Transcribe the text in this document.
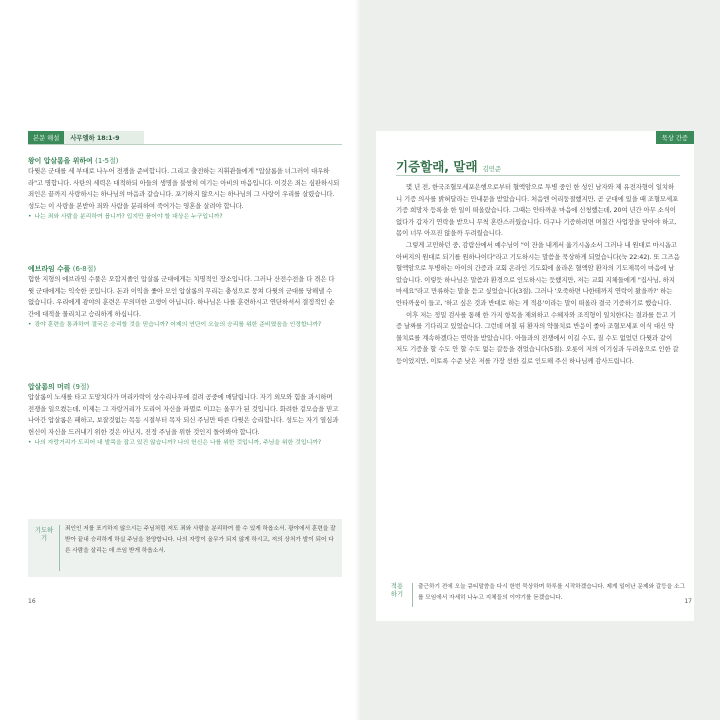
본문 해설	사무엘하 18:1-9
왕이 압살롬을 위하여 (1-5절)
다윗은 군대를 세 부대로 나누어 전쟁을 준비합니다. 그리고 출전하는 지휘관들에게 "압살롬을 너그러이 대우하라"고 명합니다. 사탄의 세력은 대적하되 아들의 생명을 불쌍히 여기는 아비의 마음입니다. 이것은 죄는 심판하시되 죄인은 끝까지 사랑하시는 하나님의 마음과 같습니다. 포기하지 않으시는 하나님의 그 사랑이 우리를 살렸습니다. 성도는 이 사랑을 본받아 죄와 사람을 분리하여 죽어가는 영혼을 살려야 합니다.
• 나는 죄와 사람을 분리하여 봅니까? 입지만 품어야 할 대상은 누구입니까?
에브라임 수풀 (6-8절)
험한 지형의 에브라임 수풀은 오합지졸인 압살롬 군대에게는 치명적인 장소입니다. 그러나 산전수전을 다 겪은 다윗 군대에게는 익숙한 곳입니다. 돈과 이익을 좇아 모인 압살롬의 무리는 충성으로 뭉쳐 다윗의 군대를 당해낼 수 없습니다. 우리에게 광야의 훈련은 무의미한 고생이 아닙니다. 하나님은 나를 훈련하시고 연단하셔서 결정적인 순간에 대적을 물리치고 승리하게 하십니다.
• 광야 훈련을 통과하여 결국은 승리할 것을 믿습니까? 어제의 연단이 오늘의 승리를 위한 준비였음을 인정합니까?
압살롬의 머리 (9절)
압살롬이 노새를 타고 도망치다가 머리카락이 상수리나무에 걸려 공중에 매달립니다. 자기 외모와 힘을 과시하며 전쟁을 일으켰는데, 이제는 그 자랑거리가 도리어 자신을 파멸로 이끄는 올무가 된 것입니다. 화려한 겉모습을 믿고 나아간 압살롬은 패하고, 보잘것없는 목동 시절부터 목자 되신 주님만 따른 다윗은 승리합니다. 성도는 자기 열심과 헌신이 자신을 드러내기 위한 것은 아닌지, 진정 주님을 위한 것인지 돌아봐야 합니다.
• 나의 자랑거리가 도리어 내 발목을 잡고 있진 않습니까? 나의 헌신은 나를 위한 것입니까, 주님을 위한 것입니까?
기도하기
죄인인 저를 포기하지 않으시는 주님처럼 저도 죄와 사람을 분리하여 볼 수 있게 하옵소서. 광야에서 훈련을 잘 받아 끝내 승리하게 하실 주님을 찬양합니다. 나의 자랑이 올무가 되지 않게 하시고, 저의 상처가 발이 되어 다른 사람을 살리는 데 쓰임 받게 하옵소서.
16
묵상 간증
기증할래, 말래 김민준

몇 년 전, 한국조혈모세포은행으로부터 혈액암으로 투병 중인 한 성인 남자와 제 유전자형이 일치하니 기증 의사를 밝혀달라는 안내문을 받았습니다. 처음엔 어리둥절했지만, 곧 군대에 있을 때 조혈모세포 기증 희망자 등록을 한 일이 떠올랐습니다. 그때는 안타까운 마음에 신청했는데, 20여 년간 아무 소식이 없다가 갑자기 연락을 받으니 무척 혼란스러웠습니다. 더구나 기증하려면 며칠간 사업장을 닫아야 하고, 몸이 너무 아프진 않을까 두려웠습니다.

그렇게 고민하던 중, 감람산에서 예수님이 "이 잔을 내게서 옮기시옵소서 그러나 내 원대로 마시옵고 아버지의 원대로 되기를 원하나이다"라고 기도하시는 말씀을 묵상하게 되었습니다(눅 22:42). 또 그즈음 혈액암으로 투병하는 아이의 간증과 교회 온라인 기도회에 올라온 혈액암 환자의 기도제목이 마음에 남았습니다. 이렇듯 하나님은 말씀과 환경으로 인도하시는 듯했지만, 저는 교회 지체들에게 "집사님, 하지 마세요"라고 만류하는 말을 듣고 싶었습니다(3절). 그러나 '오죽하면 나한테까지 연락이 왔을까?' 하는 안타까움이 들고, '하고 싶은 것과 반대로 하는 게 적용'이라는 말이 떠올라 결국 기증하기로 했습니다.

이후 저는 정밀 검사를 통해 한 가지 항목을 제외하고 수혜자와 조직형이 일치한다는 결과를 듣고 기증 날짜를 기다리고 있었습니다. 그런데 며칠 뒤 환자의 약물치료 반응이 좋아 조혈모세포 이식 대신 약물치료를 계속하겠다는 연락을 받았습니다. 아들과의 전쟁에서 이길 수도, 질 수도 없었던 다윗과 같이 저도 기증을 할 수도 안 할 수도 없는 갈등을 겪었습니다(5절). 오롯이 저의 이기심과 두려움으로 인한 갈등이었지만, 이토록 수준 낮은 저를 가장 선한 길로 인도해 주신 하나님께 감사드립니다.

적용하기
출근하기 전에 오늘 큐티말씀을 다시 한번 묵상하며 하루를 시작하겠습니다. 제게 일어난 문제와 갈등을 소그룹 모임에서 자세히 나누고 지체들의 이야기를 듣겠습니다.	17
